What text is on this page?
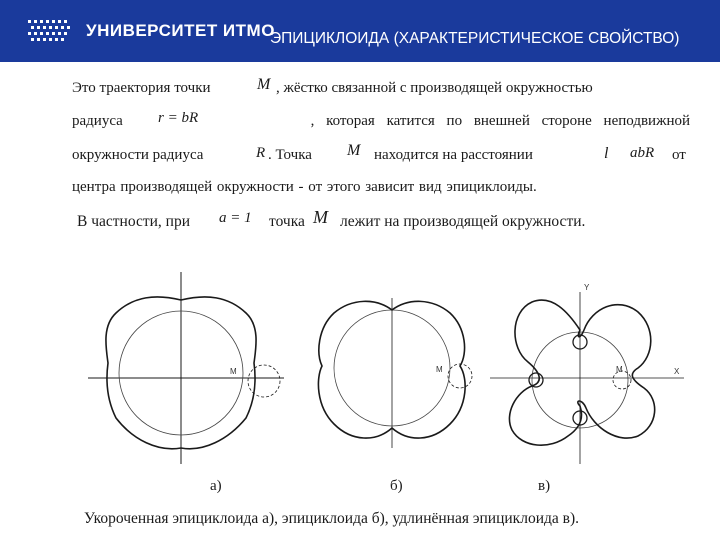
УНИВЕРСИТЕТ ИТМО
ЭПИЦИКЛОИДА (ХАРАКТЕРИСТИЧЕСКОЕ СВОЙСТВО)
Это траектория точки	, жёстко связанной с производящей окружностью
M
радиуса	, которая катится по внешней стороне неподвижной
r = bR
окружности радиуса	R . Точка M находится на расстоянии	l abR от
центра производящей окружности - от этого зависит вид эпициклоиды.
В частности, при a = 1 точка M лежит на производящей окружности.
M	M
Y
X
M
а)	б)	в)
Укороченная эпициклоида а), эпициклоида б), удлинённая эпициклоида в).
